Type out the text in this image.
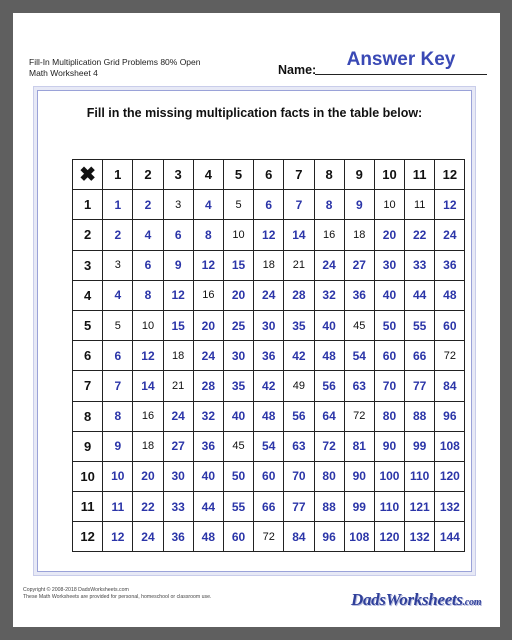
Fill-In Multiplication Grid Problems 80% Open
Math Worksheet 4	Name:	Answer Key
Fill in the missing multiplication facts in the table below:
✖	1	2	3	4	5	6	7	8	9	10	11	12
1	1	2	3	4	5	6	7	8	9	10	11	12
2	2	4	6	8	10	12	14	16	18	20	22	24
3	3	6	9	12	15	18	21	24	27	30	33	36
4	4	8	12	16	20	24	28	32	36	40	44	48
5	5	10	15	20	25	30	35	40	45	50	55	60
6	6	12	18	24	30	36	42	48	54	60	66	72
7	7	14	21	28	35	42	49	56	63	70	77	84
8	8	16	24	32	40	48	56	64	72	80	88	96
9	9	18	27	36	45	54	63	72	81	90	99	108
10	10	20	30	40	50	60	70	80	90	100	110	120
11	11	22	33	44	55	66	77	88	99	110	121	132
12	12	24	36	48	60	72	84	96	108	120	132	144
Copyright © 2008-2018 DadsWorksheets.com
These Math Worksheets are provided for personal, homeschool or classroom use.	DadsWorksheets.com
